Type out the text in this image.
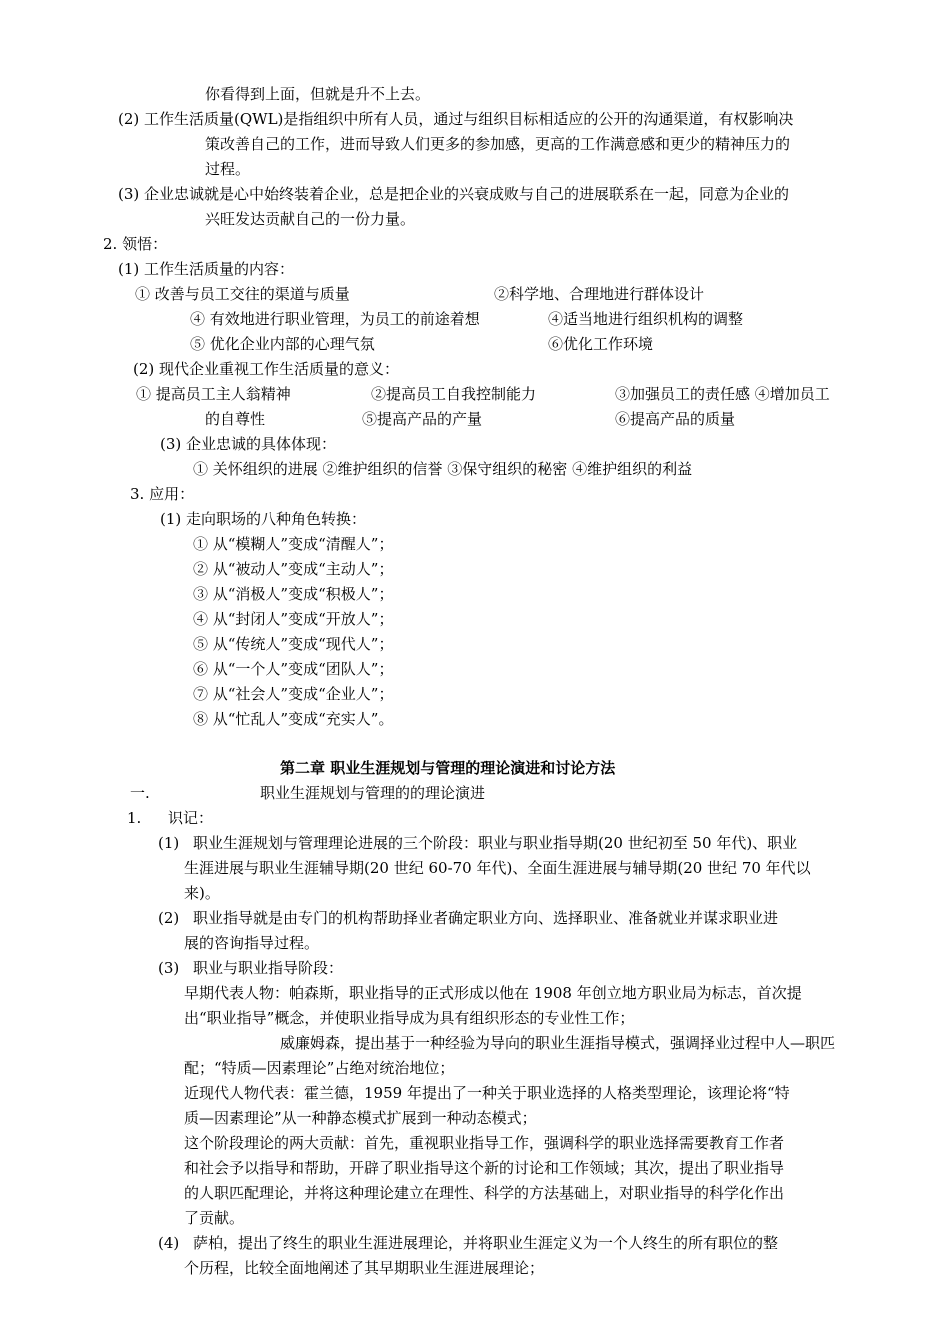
你看得到上面，但就是升不上去。
(2) 工作生活质量(QWL)是指组织中所有人员，通过与组织目标相适应的公开的沟通渠道，有权影响决
策改善自己的工作，进而导致人们更多的参加感，更高的工作满意感和更少的精神压力的
过程。
(3) 企业忠诚就是心中始终装着企业，总是把企业的兴衰成败与自己的进展联系在一起，同意为企业的
兴旺发达贡献自己的一份力量。
2. 领悟：
(1) 工作生活质量的内容：
① 改善与员工交往的渠道与质量	②科学地、合理地进行群体设计
④ 有效地进行职业管理，为员工的前途着想	④适当地进行组织机构的调整
⑤ 优化企业内部的心理气氛	⑥优化工作环境
(2) 现代企业重视工作生活质量的意义：
① 提高员工主人翁精神	②提高员工自我控制能力	③加强员工的责任感 ④增加员工
的自尊性	⑤提高产品的产量	⑥提高产品的质量
(3) 企业忠诚的具体体现：
① 关怀组织的进展 ②维护组织的信誉 ③保守组织的秘密 ④维护组织的利益
3. 应用：
(1) 走向职场的八种角色转换：
① 从“模糊人”变成“清醒人”；
② 从“被动人”变成“主动人”；
③ 从“消极人”变成“积极人”；
④ 从“封闭人”变成“开放人”；
⑤ 从“传统人”变成“现代人”；
⑥ 从“一个人”变成“团队人”；
⑦ 从“社会人”变成“企业人”；
⑧ 从“忙乱人”变成“充实人”。
第二章 职业生涯规划与管理的理论演进和讨论方法
一.	职业生涯规划与管理的的理论演进
1. 识记：
(1) 职业生涯规划与管理理论进展的三个阶段：职业与职业指导期(20 世纪初至 50 年代)、职业
生涯进展与职业生涯辅导期(20 世纪 60-70 年代)、全面生涯进展与辅导期(20 世纪 70 年代以
来)。
(2) 职业指导就是由专门的机构帮助择业者确定职业方向、选择职业、准备就业并谋求职业进
展的咨询指导过程。
(3) 职业与职业指导阶段：
早期代表人物：帕森斯，职业指导的正式形成以他在 1908 年创立地方职业局为标志，首次提
出“职业指导”概念，并使职业指导成为具有组织形态的专业性工作；
威廉姆森，提出基于一种经验为导向的职业生涯指导模式，强调择业过程中人—职匹
配；“特质—因素理论”占绝对统治地位；
近现代人物代表：霍兰德，1959 年提出了一种关于职业选择的人格类型理论，该理论将“特
质—因素理论”从一种静态模式扩展到一种动态模式；
这个阶段理论的两大贡献：首先，重视职业指导工作，强调科学的职业选择需要教育工作者
和社会予以指导和帮助，开辟了职业指导这个新的讨论和工作领域；其次，提出了职业指导
的人职匹配理论，并将这种理论建立在理性、科学的方法基础上，对职业指导的科学化作出
了贡献。
(4) 萨柏，提出了终生的职业生涯进展理论，并将职业生涯定义为一个人终生的所有职位的整
个历程，比较全面地阐述了其早期职业生涯进展理论；
